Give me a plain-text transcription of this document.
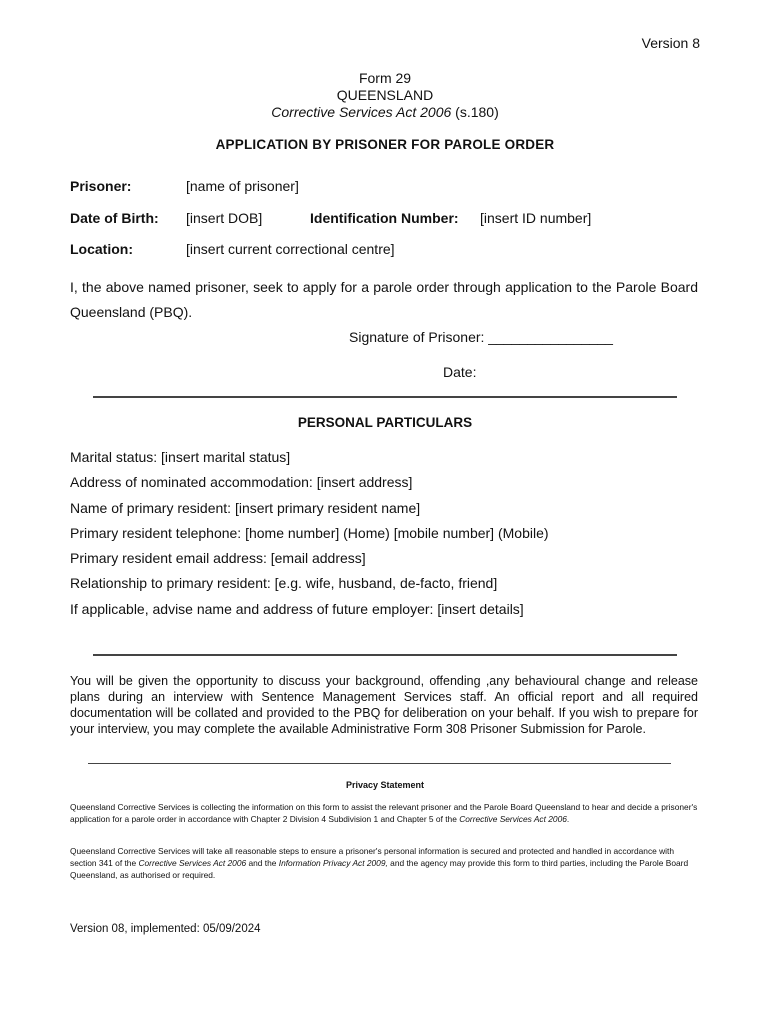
Version 8
Form 29
QUEENSLAND
Corrective Services Act 2006 (s.180)
APPLICATION BY PRISONER FOR PAROLE ORDER
Prisoner:	[name of prisoner]
Date of Birth: [insert DOB]	Identification Number: [insert ID number]
Location:	[insert current correctional centre]
I, the above named prisoner, seek to apply for a parole order through application to the Parole Board Queensland (PBQ).
Signature of Prisoner: ________________
Date:
PERSONAL PARTICULARS
Marital status: [insert marital status]
Address of nominated accommodation: [insert address]
Name of primary resident: [insert primary resident name]
Primary resident telephone: [home number] (Home) [mobile number] (Mobile)
Primary resident email address: [email address]
Relationship to primary resident: [e.g. wife, husband, de-facto, friend]
If applicable, advise name and address of future employer: [insert details]
You will be given the opportunity to discuss your background, offending ,any behavioural change and release plans during an interview with Sentence Management Services staff. An official report and all required documentation will be collated and provided to the PBQ for deliberation on your behalf. If you wish to prepare for your interview, you may complete the available Administrative Form 308 Prisoner Submission for Parole.
Privacy Statement
Queensland Corrective Services is collecting the information on this form to assist the relevant prisoner and the Parole Board Queensland to hear and decide a prisoner's application for a parole order in accordance with Chapter 2 Division 4 Subdivision 1 and Chapter 5 of the Corrective Services Act 2006.
Queensland Corrective Services will take all reasonable steps to ensure a prisoner's personal information is secured and protected and handled in accordance with section 341 of the Corrective Services Act 2006 and the Information Privacy Act 2009, and the agency may provide this form to third parties, including the Parole Board Queensland, as authorised or required.
Version 08, implemented: 05/09/2024
